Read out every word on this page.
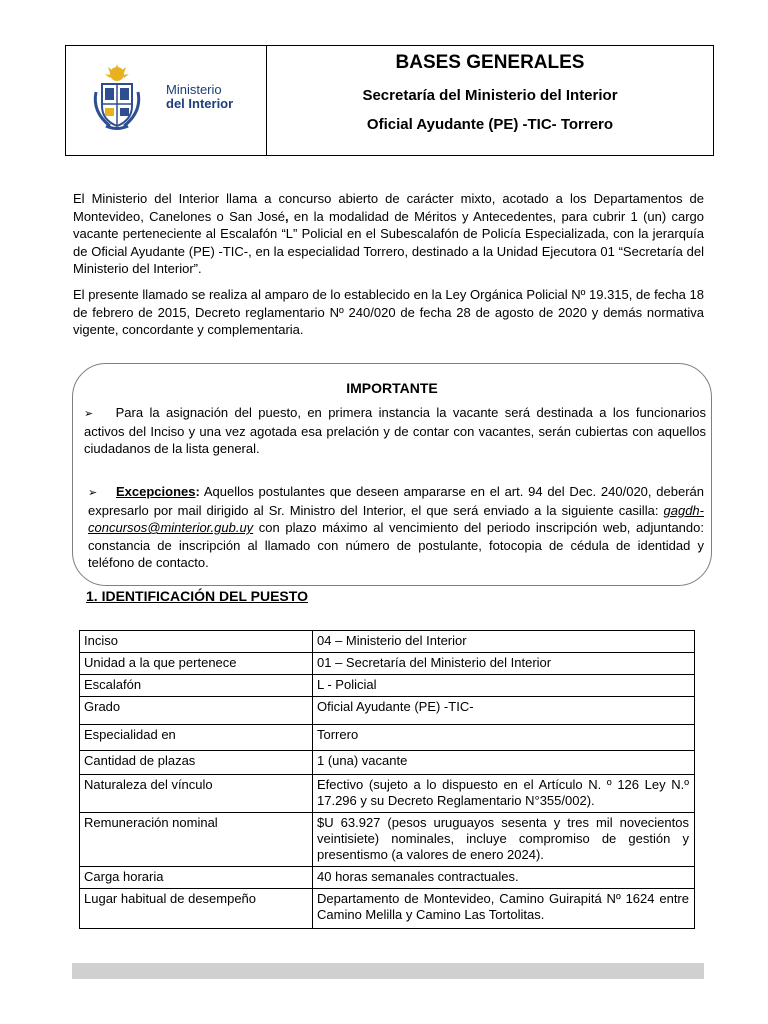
Ministerio
del Interior
BASES GENERALES
Secretaría del Ministerio del Interior
Oficial Ayudante (PE) -TIC- Torrero
El Ministerio del Interior llama a concurso abierto de carácter mixto, acotado a los Departamentos de Montevideo, Canelones o San José, en la modalidad de Méritos y Antecedentes, para cubrir 1 (un) cargo vacante perteneciente al Escalafón “L” Policial en el Subescalafón de Policía Especializada, con la jerarquía de Oficial Ayudante (PE) -TIC-, en la especialidad Torrero, destinado a la Unidad Ejecutora 01 “Secretaría del Ministerio del Interior”.
El presente llamado se realiza al amparo de lo establecido en la Ley Orgánica Policial Nº 19.315, de fecha 18 de febrero de 2015, Decreto reglamentario Nº 240/020 de fecha 28 de agosto de 2020 y demás normativa vigente, concordante y complementaria.
IMPORTANTE
➢ Para la asignación del puesto, en primera instancia la vacante será destinada a los funcionarios activos del Inciso y una vez agotada esa prelación y de contar con vacantes, serán cubiertas con aquellos ciudadanos de la lista general.
➢ Excepciones: Aquellos postulantes que deseen ampararse en el art. 94 del Dec. 240/020, deberán expresarlo por mail dirigido al Sr. Ministro del Interior, el que será enviado a la siguiente casilla: gagdh-concursos@minterior.gub.uy con plazo máximo al vencimiento del periodo inscripción web, adjuntando: constancia de inscripción al llamado con número de postulante, fotocopia de cédula de identidad y teléfono de contacto.
1. IDENTIFICACIÓN DEL PUESTO
Inciso	04 – Ministerio del Interior
Unidad a la que pertenece	01 – Secretaría del Ministerio del Interior
Escalafón	L - Policial
Grado	Oficial Ayudante (PE) -TIC-
Especialidad en	Torrero
Cantidad de plazas	1 (una) vacante
Naturaleza del vínculo	Efectivo (sujeto a lo dispuesto en el Artículo N. º 126 Ley N.º 17.296 y su Decreto Reglamentario N°355/002).
Remuneración nominal	$U 63.927 (pesos uruguayos sesenta y tres mil novecientos veintisiete) nominales, incluye compromiso de gestión y presentismo (a valores de enero 2024).
Carga horaria	40 horas semanales contractuales.
Lugar habitual de desempeño	Departamento de Montevideo, Camino Guirapitá Nº 1624 entre Camino Melilla y Camino Las Tortolitas.
